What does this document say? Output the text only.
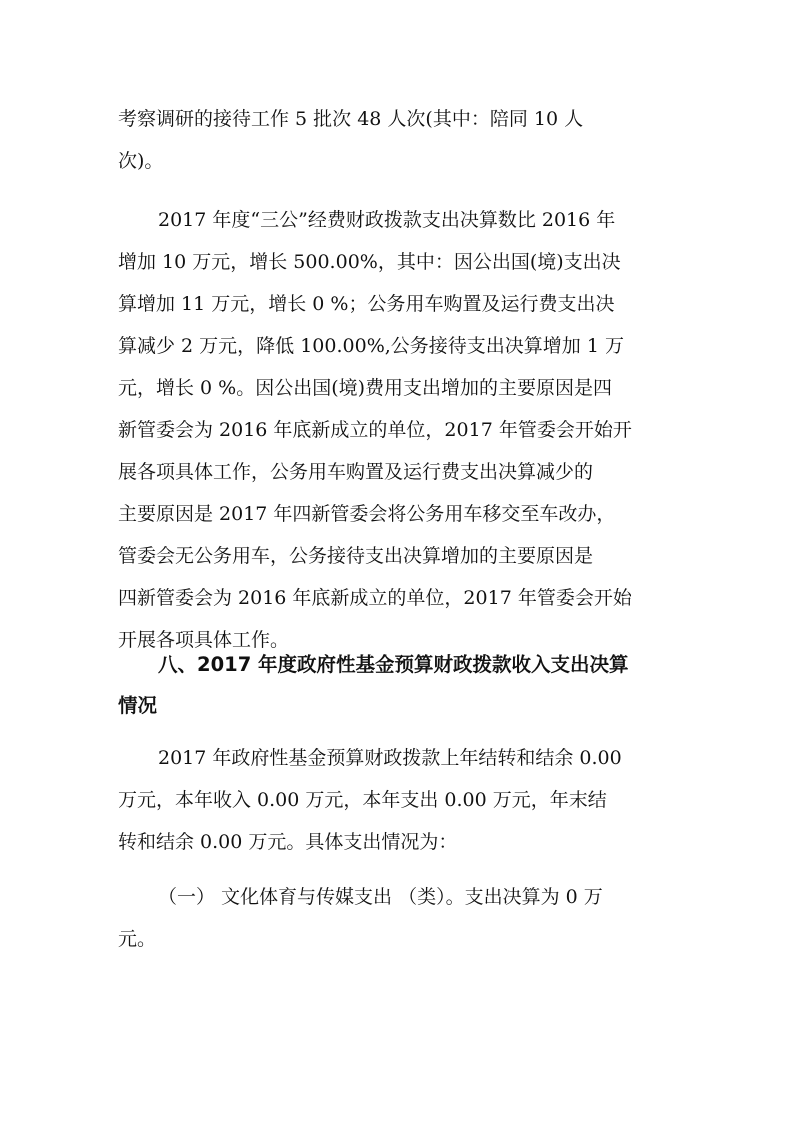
考察调研的接待工作 5 批次 48 人次(其中：陪同 10 人
次)。
2017 年度“三公”经费财政拨款支出决算数比 2016 年
增加 10 万元，增长 500.00%，其中：因公出国(境)支出决
算增加 11 万元，增长 0 %；公务用车购置及运行费支出决
算减少 2 万元，降低 100.00%,公务接待支出决算增加 1 万
元，增长 0 %。因公出国(境)费用支出增加的主要原因是四
新管委会为 2016 年底新成立的单位，2017 年管委会开始开
展各项具体工作，公务用车购置及运行费支出决算减少的
主要原因是 2017 年四新管委会将公务用车移交至车改办，
管委会无公务用车，公务接待支出决算增加的主要原因是
四新管委会为 2016 年底新成立的单位，2017 年管委会开始
开展各项具体工作。
八、2017 年度政府性基金预算财政拨款收入支出决算
情况
2017 年政府性基金预算财政拨款上年结转和结余 0.00
万元，本年收入 0.00 万元，本年支出 0.00 万元，年末结
转和结余 0.00 万元。具体支出情况为：
（一） 文化体育与传媒支出 （类）。支出决算为 0 万
元。
